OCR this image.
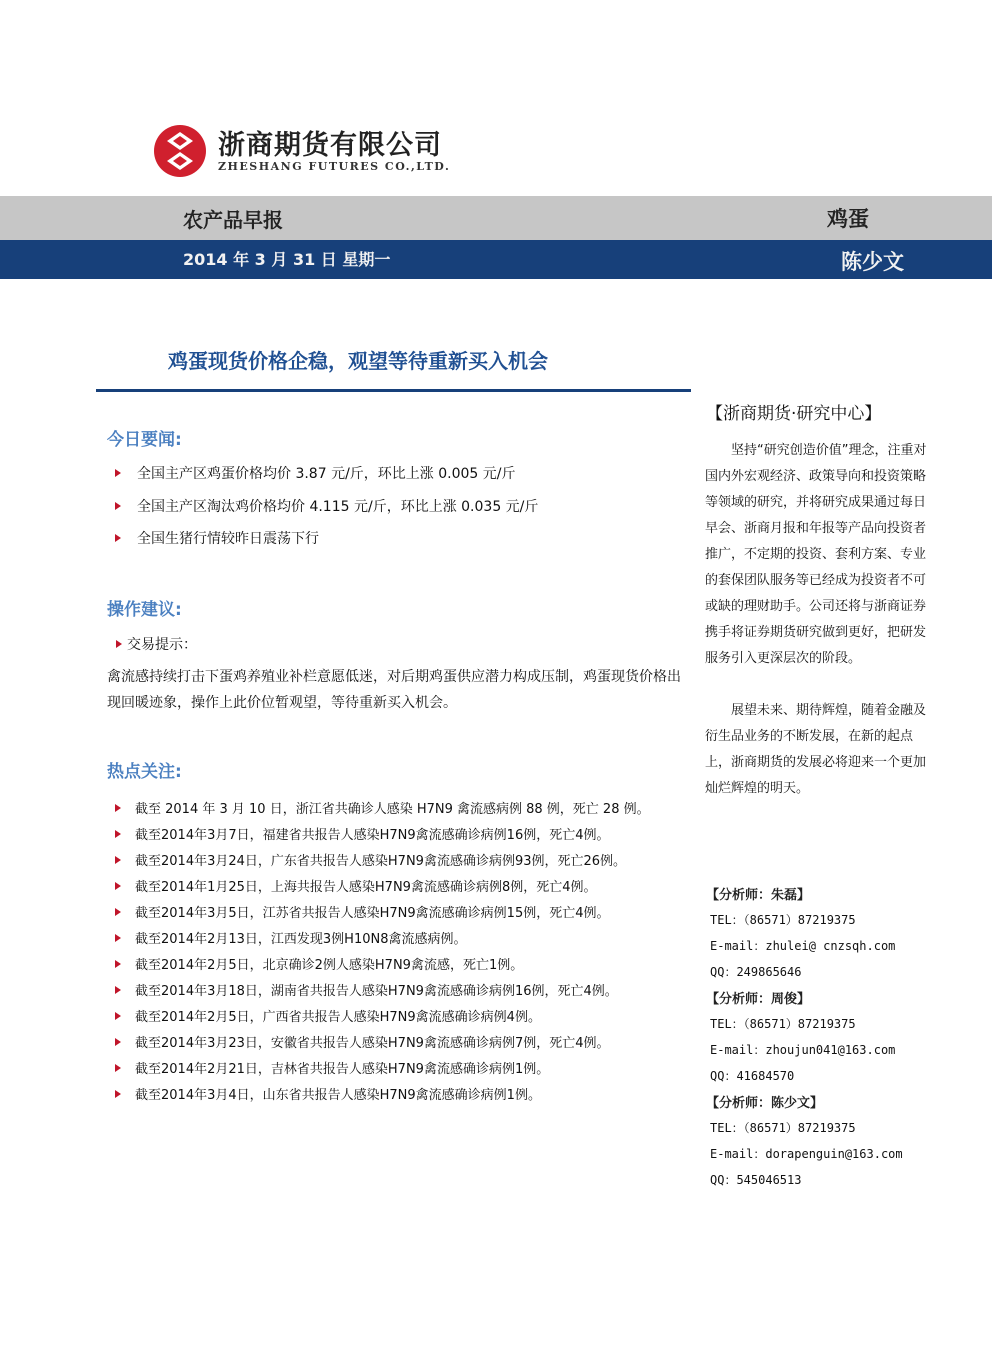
浙商期货有限公司
ZHESHANG FUTURES CO.,LTD.
农产品早报	鸡蛋
2014 年 3 月 31 日 星期一	陈少文
鸡蛋现货价格企稳，观望等待重新买入机会
今日要闻:
全国主产区鸡蛋价格均价 3.87 元/斤，环比上涨 0.005 元/斤
全国主产区淘汰鸡价格均价 4.115 元/斤，环比上涨 0.035 元/斤
全国生猪行情较昨日震荡下行
操作建议:
交易提示：
禽流感持续打击下蛋鸡养殖业补栏意愿低迷，对后期鸡蛋供应潜力构成压制，鸡蛋现货价格出现回暖迹象，操作上此价位暂观望，等待重新买入机会。
热点关注:
截至 2014 年 3 月 10 日，浙江省共确诊人感染 H7N9 禽流感病例 88 例，死亡 28 例。
截至2014年3月7日，福建省共报告人感染H7N9禽流感确诊病例16例，死亡4例。
截至2014年3月24日，广东省共报告人感染H7N9禽流感确诊病例93例，死亡26例。
截至2014年1月25日，上海共报告人感染H7N9禽流感确诊病例8例，死亡4例。
截至2014年3月5日，江苏省共报告人感染H7N9禽流感确诊病例15例，死亡4例。
截至2014年2月13日，江西发现3例H10N8禽流感病例。
截至2014年2月5日，北京确诊2例人感染H7N9禽流感，死亡1例。
截至2014年3月18日，湖南省共报告人感染H7N9禽流感确诊病例16例，死亡4例。
截至2014年2月5日，广西省共报告人感染H7N9禽流感确诊病例4例。
截至2014年3月23日，安徽省共报告人感染H7N9禽流感确诊病例7例，死亡4例。
截至2014年2月21日，吉林省共报告人感染H7N9禽流感确诊病例1例。
截至2014年3月4日，山东省共报告人感染H7N9禽流感确诊病例1例。
【浙商期货·研究中心】
坚持“研究创造价值”理念，注重对国内外宏观经济、政策导向和投资策略等领域的研究，并将研究成果通过每日早会、浙商月报和年报等产品向投资者推广，不定期的投资、套利方案、专业的套保团队服务等已经成为投资者不可或缺的理财助手。公司还将与浙商证券携手将证券期货研究做到更好，把研发服务引入更深层次的阶段。
展望未来、期待辉煌，随着金融及衍生品业务的不断发展，在新的起点上，浙商期货的发展必将迎来一个更加灿烂辉煌的明天。
【分析师：朱磊】
TEL：（86571）87219375
E-mail：zhulei@ cnzsqh.com
QQ：249865646
【分析师：周俊】
TEL：（86571）87219375
E-mail：zhoujun041@163.com
QQ：41684570
【分析师：陈少文】
TEL：（86571）87219375
E-mail：dorapenguin@163.com
QQ：545046513
